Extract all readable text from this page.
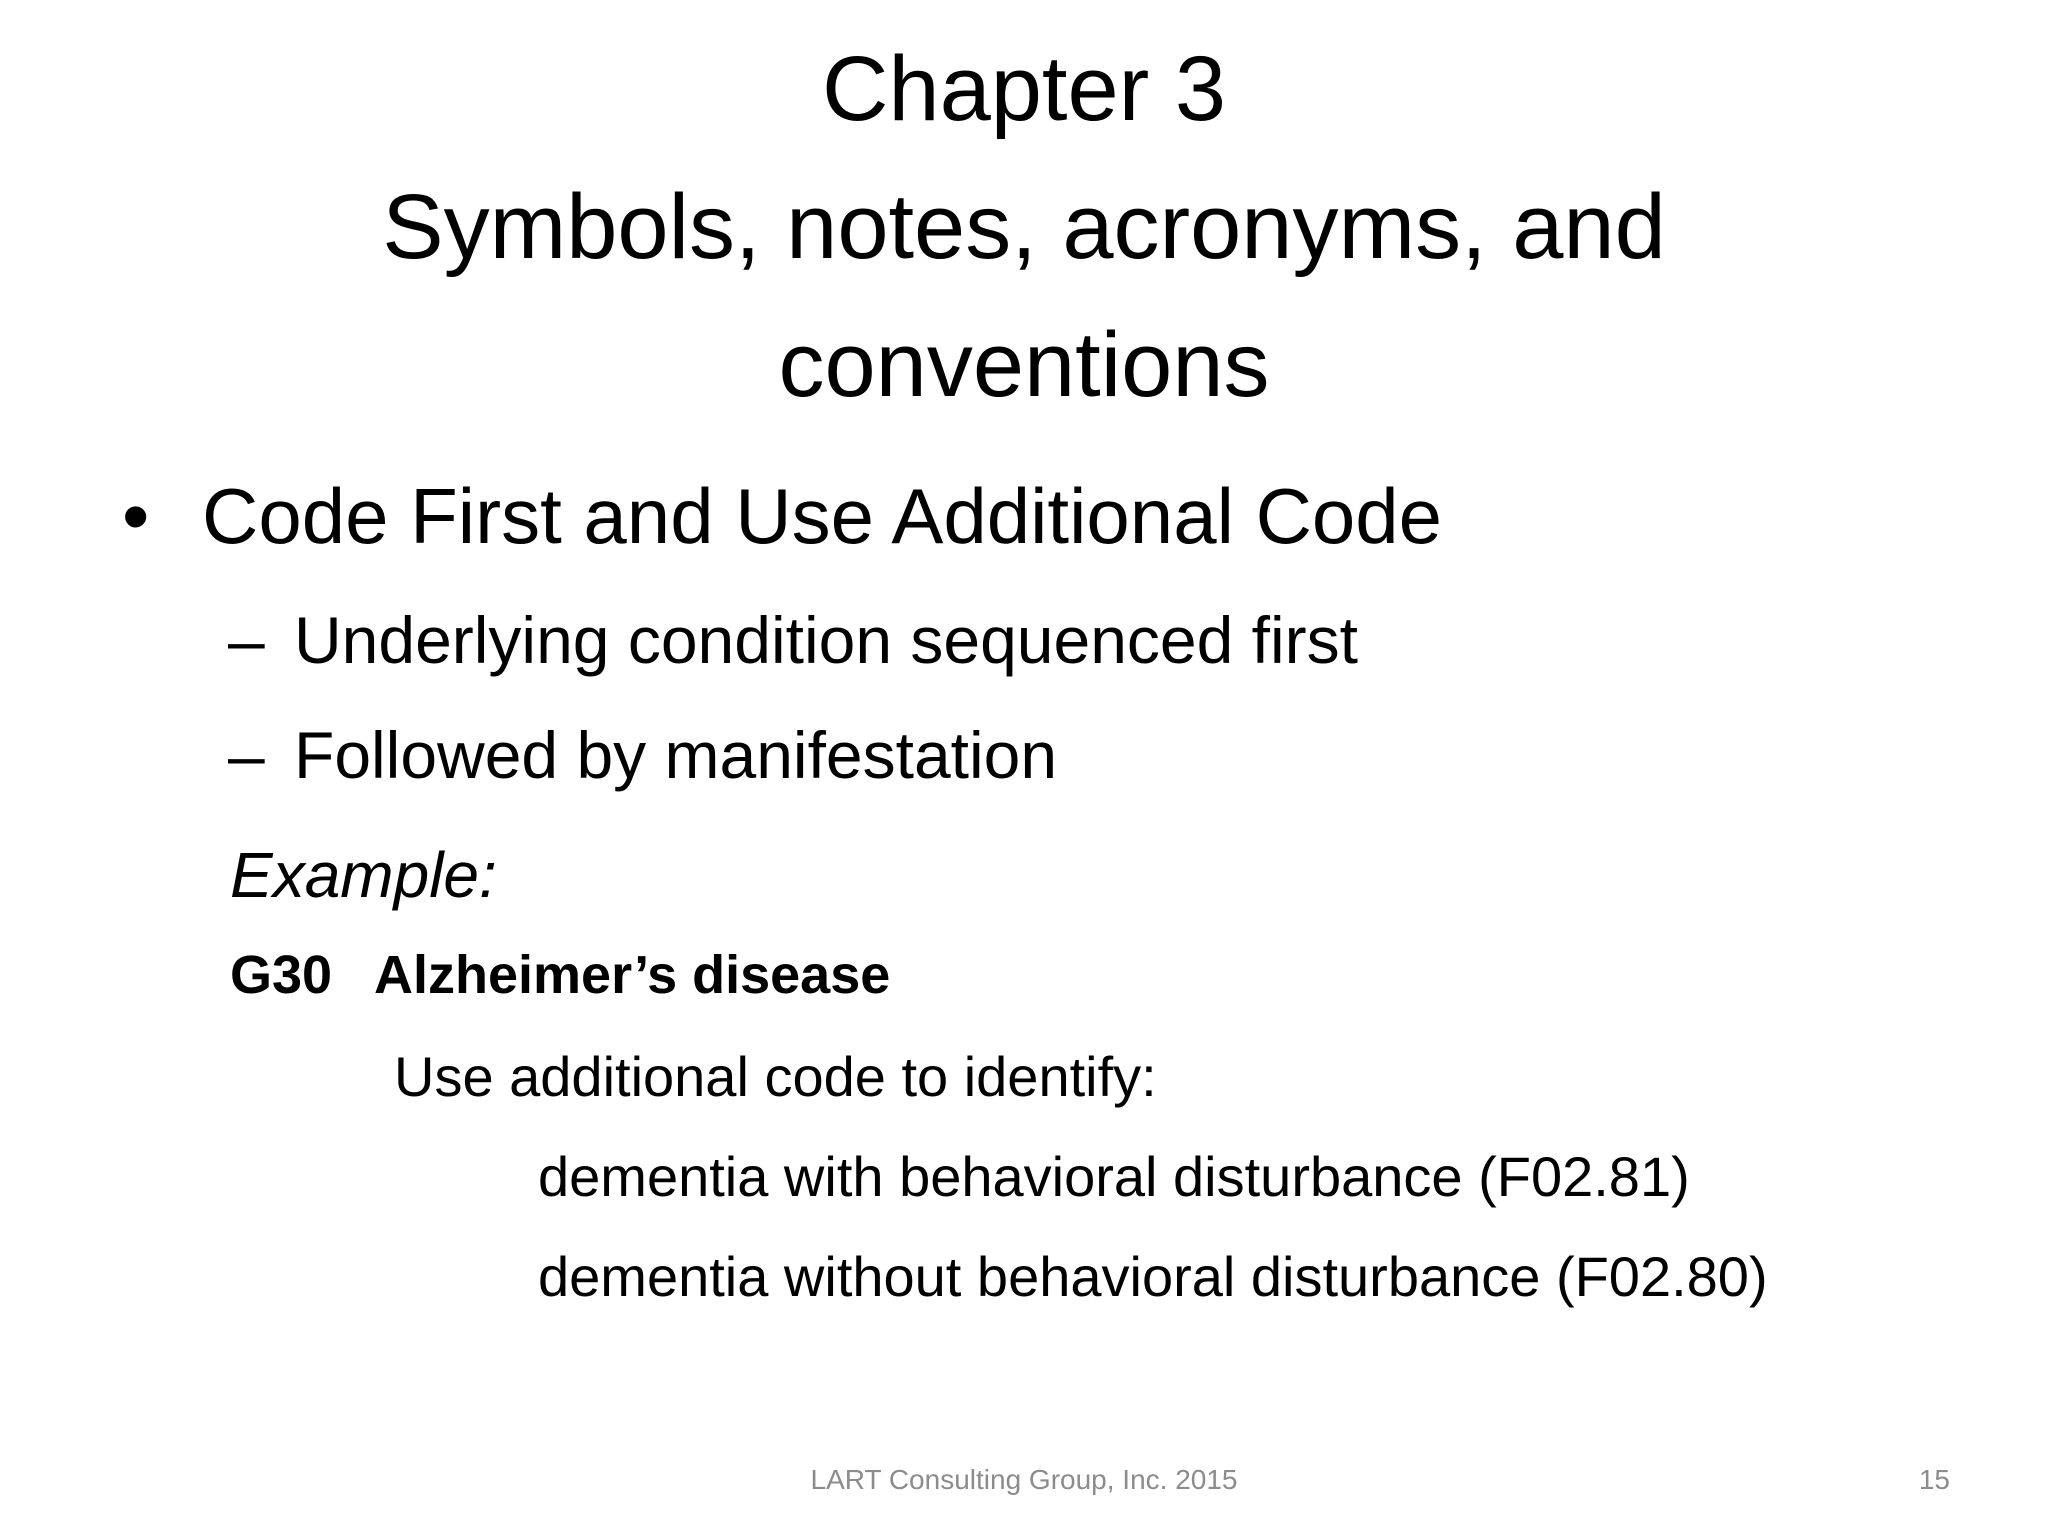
Chapter 3
Symbols, notes, acronyms, and
conventions
• Code First and Use Additional Code
– Underlying condition sequenced first
– Followed by manifestation
Example:
G30 Alzheimer’s disease
Use additional code to identify:
dementia with behavioral disturbance (F02.81)
dementia without behavioral disturbance (F02.80)
LART Consulting Group, Inc. 2015	15
